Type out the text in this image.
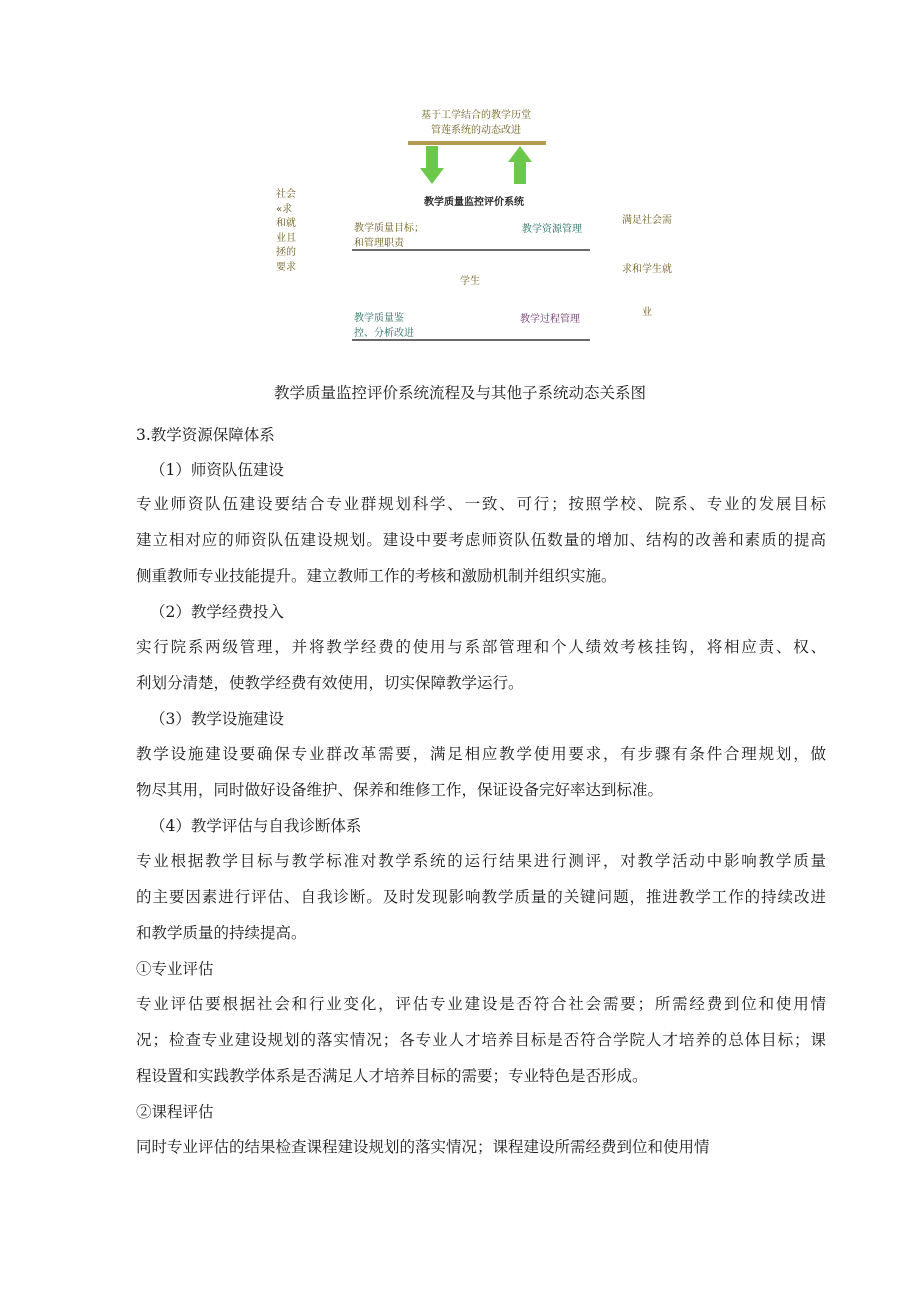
基于工学结合的教学历堂
管莲系统的动态改进
教学质量监控评价系统
社会
«求
和就
业且
拯的
要求
满足社会需
求和学生就
业
教学质量目标；
和管理职责
教学资源管理
学生
教学质量鉴
控、分析改进
教学过程管理
教学质量监控评价系统流程及与其他子系统动态关系图
3.教学资源保障体系
（1）师资队伍建设
专业师资队伍建设要结合专业群规划科学、一致、可行；按照学校、院系、专业的发展目标
建立相对应的师资队伍建设规划。建设中要考虑师资队伍数量的增加、结构的改善和素质的提高
侧重教师专业技能提升。建立教师工作的考核和激励机制并组织实施。
（2）教学经费投入
实行院系两级管理，并将教学经费的使用与系部管理和个人绩效考核挂钩，将相应责、权、
利划分清楚，使教学经费有效使用，切实保障教学运行。
（3）教学设施建设
教学设施建设要确保专业群改革需要，满足相应教学使用要求，有步骤有条件合理规划，做
物尽其用，同时做好设备维护、保养和维修工作，保证设备完好率达到标准。
（4）教学评估与自我诊断体系
专业根据教学目标与教学标准对教学系统的运行结果进行测评，对教学活动中影响教学质量
的主要因素进行评估、自我诊断。及时发现影响教学质量的关键问题，推进教学工作的持续改进
和教学质量的持续提高。
①专业评估
专业评估要根据社会和行业变化，评估专业建设是否符合社会需要；所需经费到位和使用情
况；检查专业建设规划的落实情况；各专业人才培养目标是否符合学院人才培养的总体目标；课
程设置和实践教学体系是否满足人才培养目标的需要；专业特色是否形成。
②课程评估
同时专业评估的结果检查课程建设规划的落实情况；课程建设所需经费到位和使用情
